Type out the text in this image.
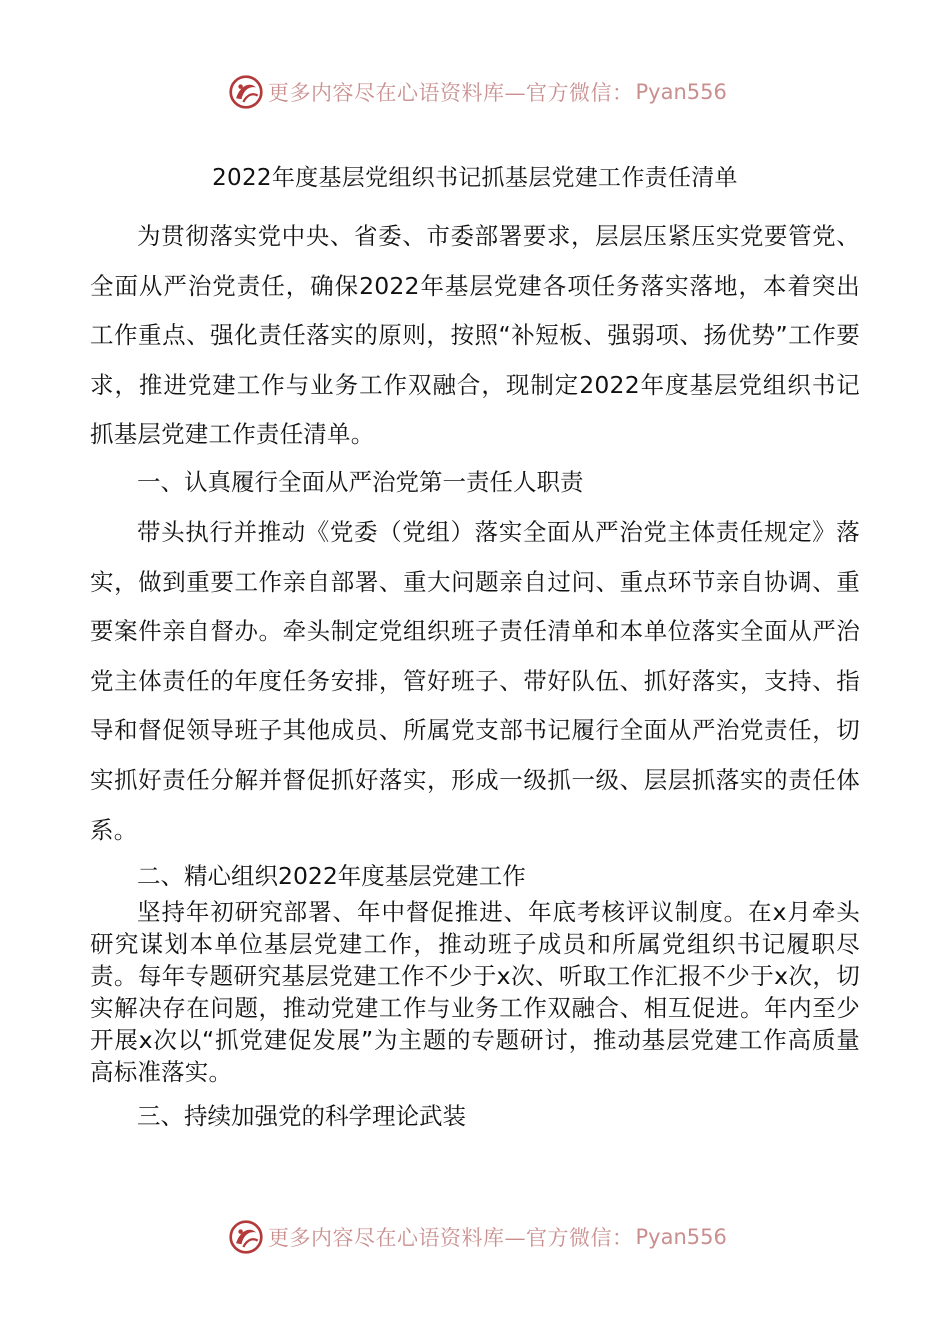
更多内容尽在心语资料库—官方微信： Pyan556
2022年度基层党组织书记抓基层党建工作责任清单

为贯彻落实党中央、省委、市委部署要求，层层压紧压实党要管党、全面从严治党责任，确保2022年基层党建各项任务落实落地，本着突出工作重点、强化责任落实的原则，按照“补短板、强弱项、扬优势”工作要求，推进党建工作与业务工作双融合，现制定2022年度基层党组织书记抓基层党建工作责任清单。

一、认真履行全面从严治党第一责任人职责

带头执行并推动《党委（党组）落实全面从严治党主体责任规定》落实，做到重要工作亲自部署、重大问题亲自过问、重点环节亲自协调、重要案件亲自督办。牵头制定党组织班子责任清单和本单位落实全面从严治党主体责任的年度任务安排，管好班子、带好队伍、抓好落实，支持、指导和督促领导班子其他成员、所属党支部书记履行全面从严治党责任，切实抓好责任分解并督促抓好落实，形成一级抓一级、层层抓落实的责任体系。

二、精心组织2022年度基层党建工作

坚持年初研究部署、年中督促推进、年底考核评议制度。在x月牵头研究谋划本单位基层党建工作，推动班子成员和所属党组织书记履职尽责。每年专题研究基层党建工作不少于x次、听取工作汇报不少于x次，切实解决存在问题，推动党建工作与业务工作双融合、相互促进。年内至少开展x次以“抓党建促发展”为主题的专题研讨，推动基层党建工作高质量高标准落实。

三、持续加强党的科学理论武装

更多内容尽在心语资料库—官方微信： Pyan556
